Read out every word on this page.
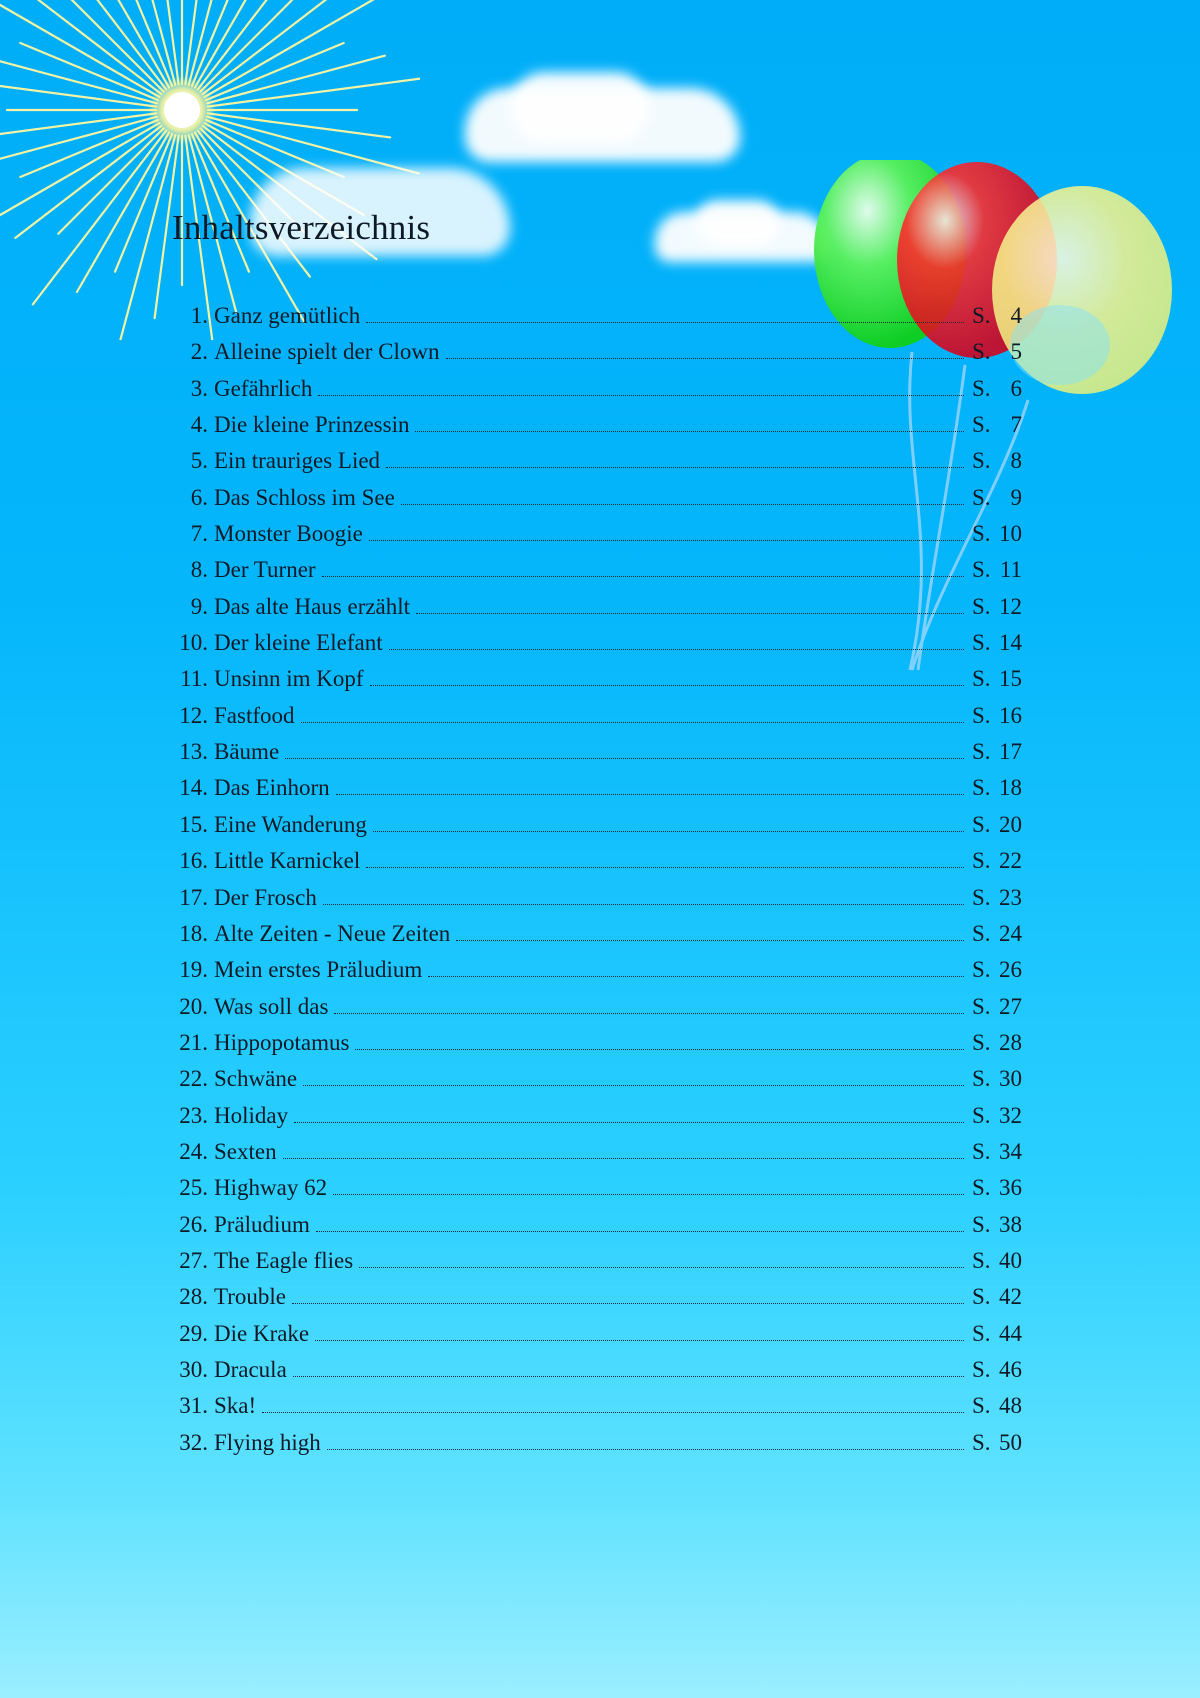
Inhaltsverzeichnis
1. Ganz gemütlich	S. 4
2. Alleine spielt der Clown	S. 5
3. Gefährlich	S. 6
4. Die kleine Prinzessin	S. 7
5. Ein trauriges Lied	S. 8
6. Das Schloss im See	S. 9
7. Monster Boogie	S. 10
8. Der Turner	S. 11
9. Das alte Haus erzählt	S. 12
10. Der kleine Elefant	S. 14
11. Unsinn im Kopf	S. 15
12. Fastfood	S. 16
13. Bäume	S. 17
14. Das Einhorn	S. 18
15. Eine Wanderung	S. 20
16. Little Karnickel	S. 22
17. Der Frosch	S. 23
18. Alte Zeiten - Neue Zeiten	S. 24
19. Mein erstes Präludium	S. 26
20. Was soll das	S. 27
21. Hippopotamus	S. 28
22. Schwäne	S. 30
23. Holiday	S. 32
24. Sexten	S. 34
25. Highway 62	S. 36
26. Präludium	S. 38
27. The Eagle flies	S. 40
28. Trouble	S. 42
29. Die Krake	S. 44
30. Dracula	S. 46
31. Ska!	S. 48
32. Flying high	S. 50
